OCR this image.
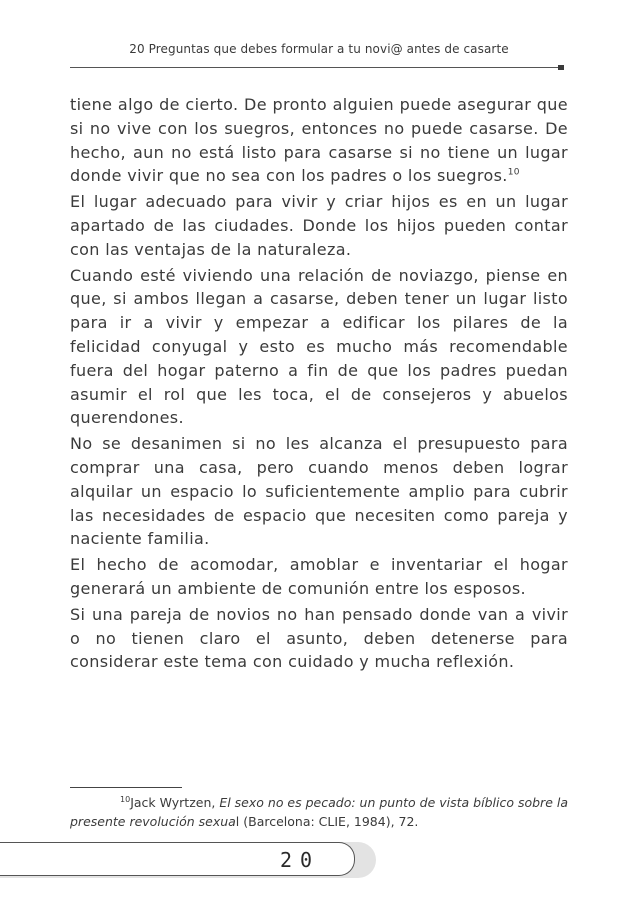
20 Preguntas que debes formular a tu novi@ antes de casarte

tiene algo de cierto. De pronto alguien puede asegurar que si no vive con los suegros, entonces no puede casarse. De hecho, aun no está listo para casarse si no tiene un lugar donde vivir que no sea con los padres o los suegros.$^{10}$

El lugar adecuado para vivir y criar hijos es en un lugar apartado de las ciudades. Donde los hijos pueden contar con las ventajas de la naturaleza.

Cuando esté viviendo una relación de noviazgo, piense en que, si ambos llegan a casarse, deben tener un lugar listo para ir a vivir y empezar a edificar los pilares de la felicidad conyugal y esto es mucho más recomendable fuera del hogar paterno a fin de que los padres puedan asumir el rol que les toca, el de consejeros y abuelos querendones.

No se desanimen si no les alcanza el presupuesto para comprar una casa, pero cuando menos deben lograr alquilar un espacio lo suficientemente amplio para cubrir las necesidades de espacio que necesiten como pareja y naciente familia.

El hecho de acomodar, amoblar e inventariar el hogar generará un ambiente de comunión entre los esposos.

Si una pareja de novios no han pensado donde van a vivir o no tienen claro el asunto, deben detenerse para considerar este tema con cuidado y mucha reflexión.

$^{10}$Jack Wyrtzen, El sexo no es pecado: un punto de vista bíblico sobre la presente revolución sexual (Barcelona: CLIE, 1984), 72.
20
